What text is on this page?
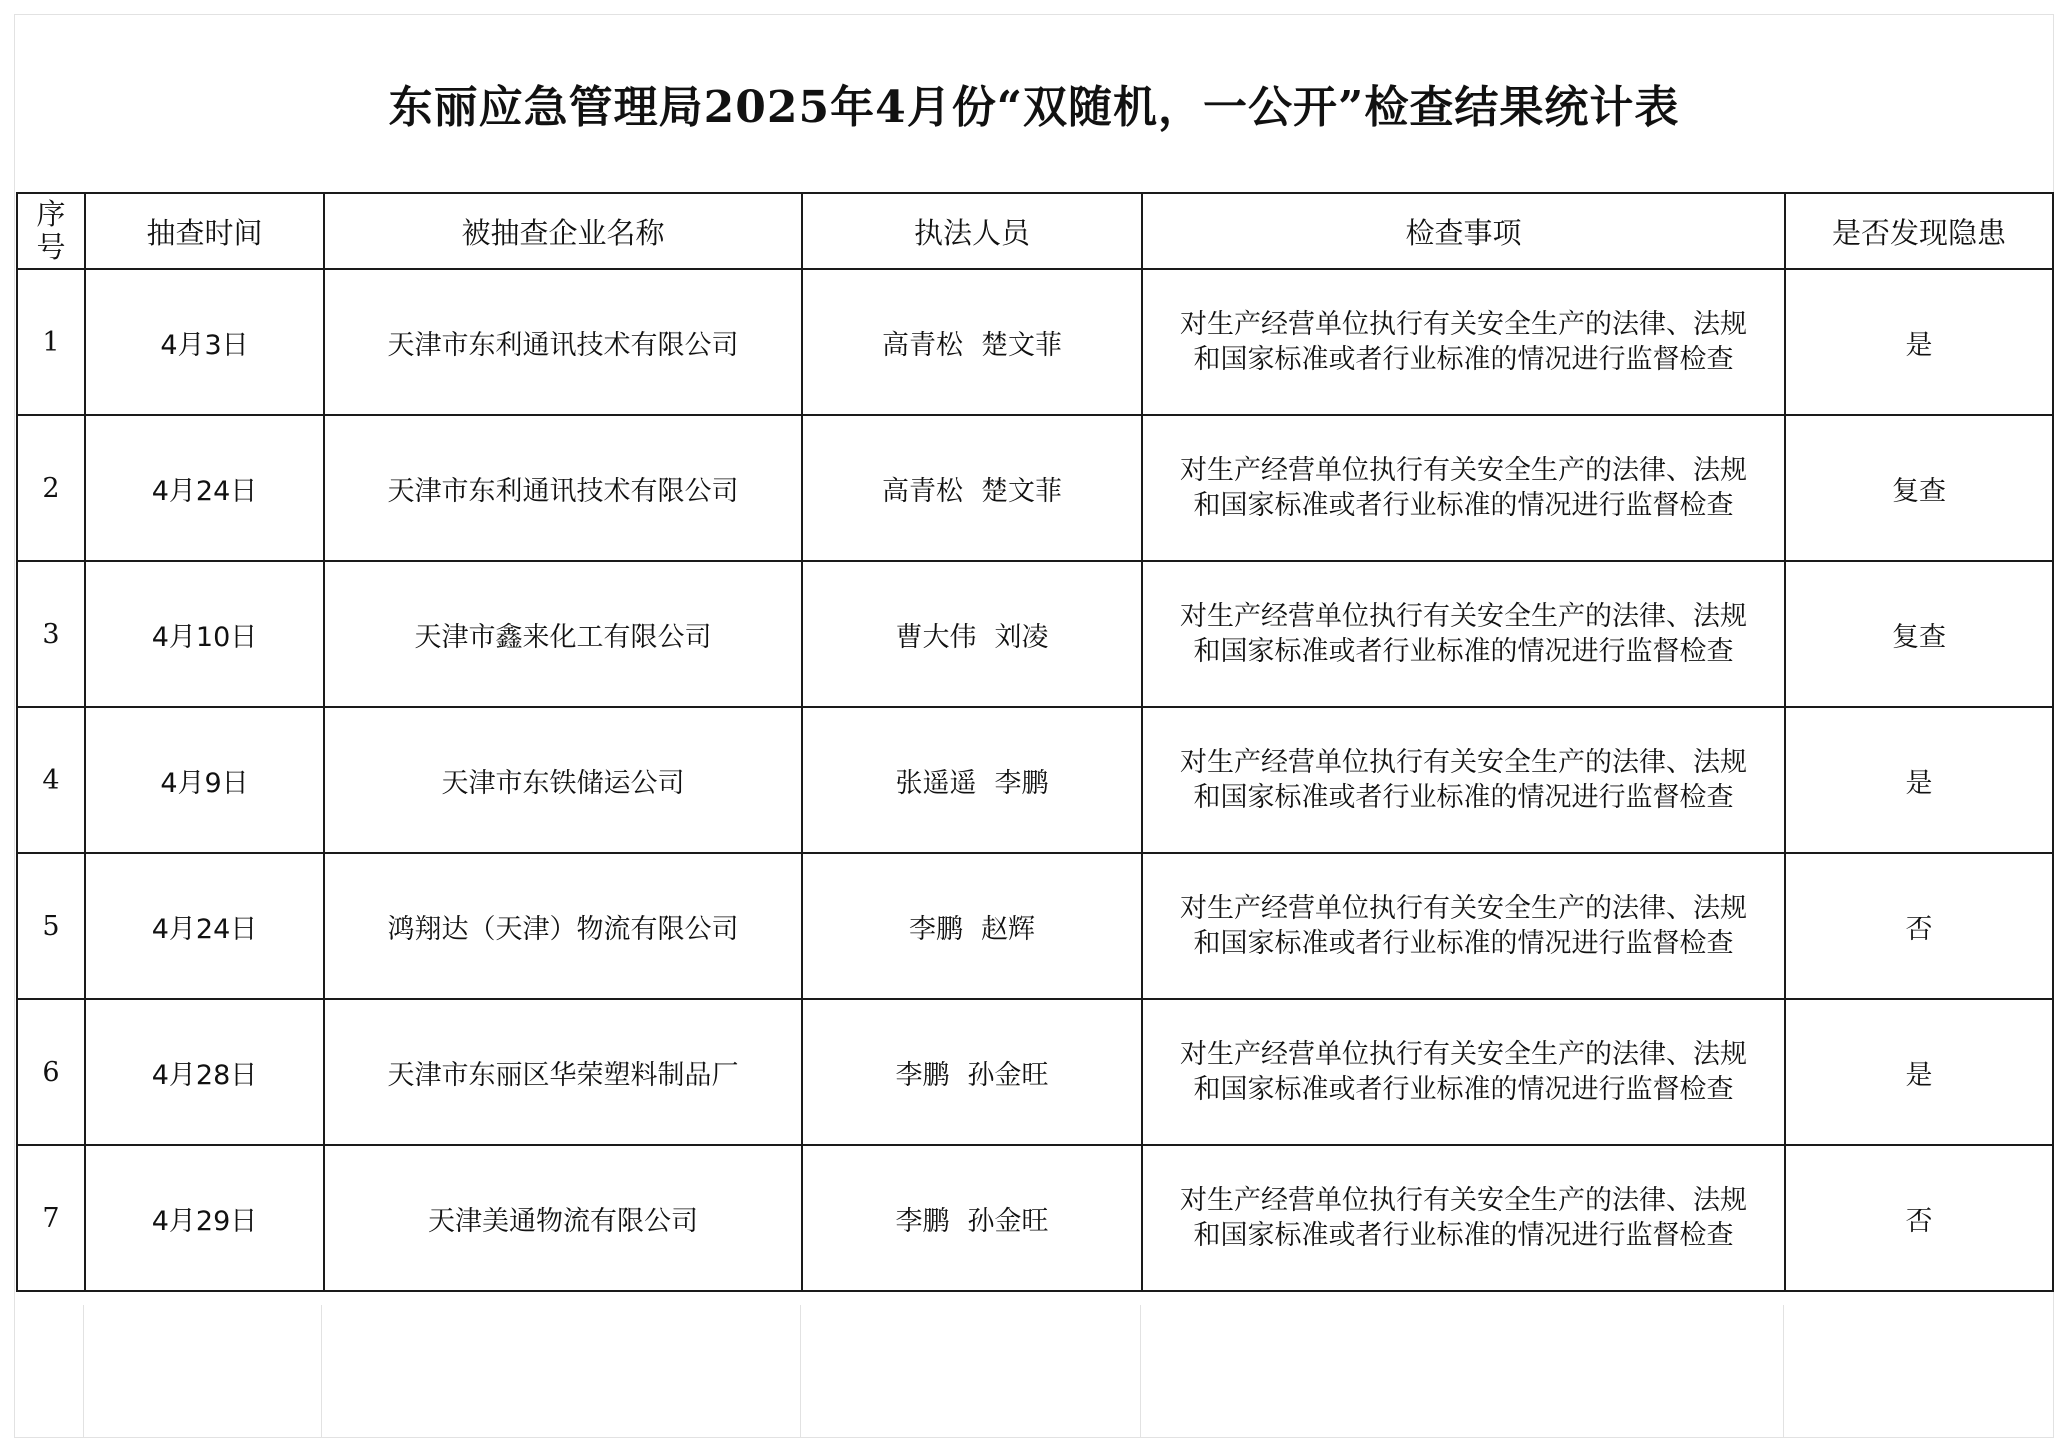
东丽应急管理局2025年4月份“双随机，一公开”检查结果统计表
序
号	抽查时间	被抽查企业名称	执法人员	检查事项	是否发现隐患
1	4月3日	天津市东利通讯技术有限公司	高青松 楚文菲	对生产经营单位执行有关安全生产的法律、法规
和国家标准或者行业标准的情况进行监督检查	是
2	4月24日	天津市东利通讯技术有限公司	高青松 楚文菲	对生产经营单位执行有关安全生产的法律、法规
和国家标准或者行业标准的情况进行监督检查	复查
3	4月10日	天津市鑫来化工有限公司	曹大伟 刘凌	对生产经营单位执行有关安全生产的法律、法规
和国家标准或者行业标准的情况进行监督检查	复查
4	4月9日	天津市东铁储运公司	张遥遥 李鹏	对生产经营单位执行有关安全生产的法律、法规
和国家标准或者行业标准的情况进行监督检查	是
5	4月24日	鸿翔达（天津）物流有限公司	李鹏 赵辉	对生产经营单位执行有关安全生产的法律、法规
和国家标准或者行业标准的情况进行监督检查	否
6	4月28日	天津市东丽区华荣塑料制品厂	李鹏 孙金旺	对生产经营单位执行有关安全生产的法律、法规
和国家标准或者行业标准的情况进行监督检查	是
7	4月29日	天津美通物流有限公司	李鹏 孙金旺	对生产经营单位执行有关安全生产的法律、法规
和国家标准或者行业标准的情况进行监督检查	否
